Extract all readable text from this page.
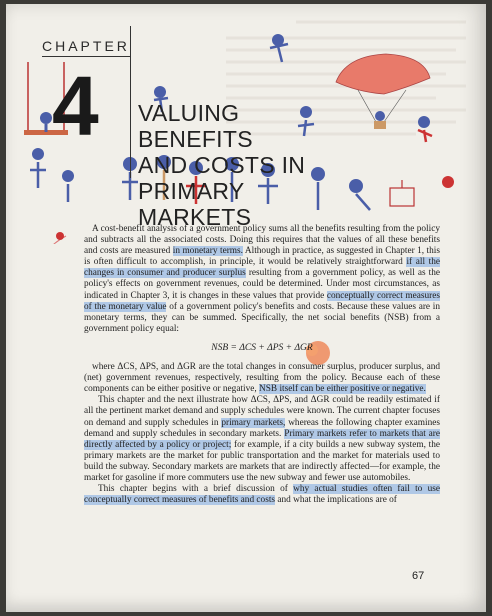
CHAPTER
4 VALUING BENEFITS
AND COSTS IN
PRIMARY MARKETS

A cost-benefit analysis of a government policy sums all the benefits resulting from the policy and subtracts all the associated costs. Doing this requires that the values of all these benefits and costs are measured in monetary terms. Although in practice, as suggested in Chapter 1, this is often difficult to accomplish, in principle, it would be relatively straightforward if all the changes in consumer and producer surplus resulting from a government policy, as well as the policy's effects on government revenues, could be determined. Under most circumstances, as indicated in Chapter 3, it is changes in these values that provide conceptually correct measures of the monetary value of a government policy's benefits and costs. Because these values are in monetary terms, they can be summed. Specifically, the net social benefits (NSB) from a government policy equal:

NSB = ΔCS + ΔPS + ΔGR

where ΔCS, ΔPS, and ΔGR are the total changes in consumer surplus, producer surplus, and (net) government revenues, respectively, resulting from the policy. Because each of these components can be either positive or negative, NSB itself can be either positive or negative.

This chapter and the next illustrate how ΔCS, ΔPS, and ΔGR could be readily estimated if all the pertinent market demand and supply schedules were known. The current chapter focuses on demand and supply schedules in primary markets, whereas the following chapter examines demand and supply schedules in secondary markets. Primary markets refer to markets that are directly affected by a policy or project; for example, if a city builds a new subway system, the primary markets are the market for public transportation and the market for materials used to build the subway. Secondary markets are markets that are indirectly affected—for example, the market for gasoline if more commuters use the new subway and fewer use automobiles.

This chapter begins with a brief discussion of why actual studies often fail to use conceptually correct measures of benefits and costs and what the implications are of

67
